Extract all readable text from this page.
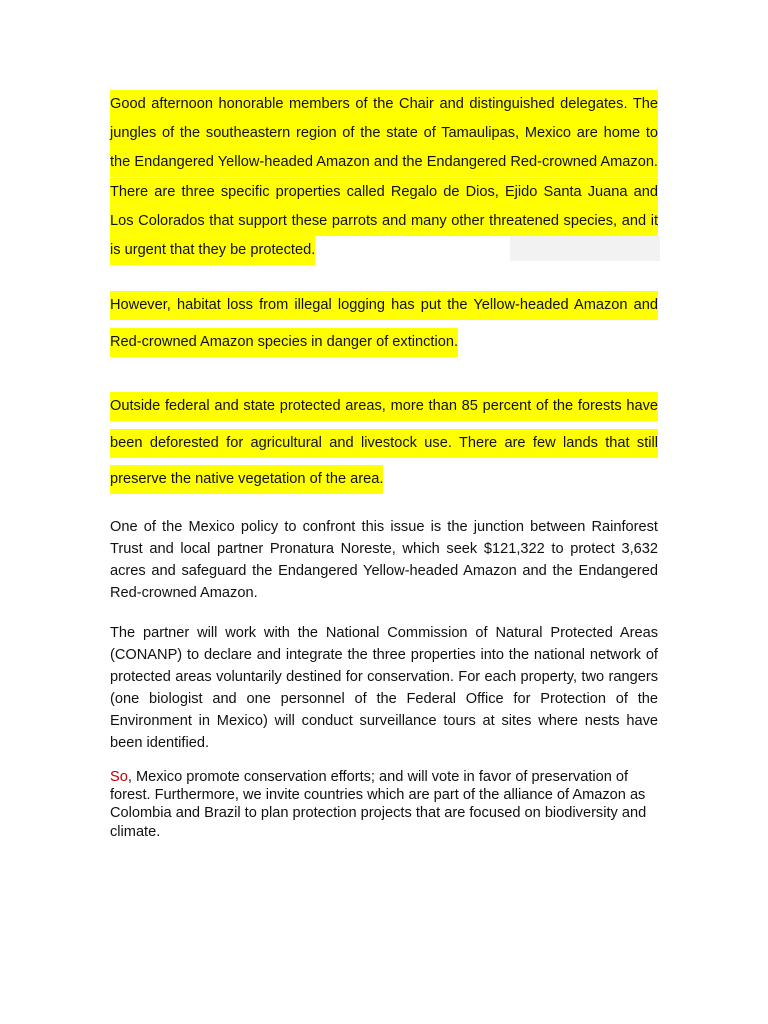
Good afternoon honorable members of the Chair and distinguished delegates. The jungles of the southeastern region of the state of Tamaulipas, Mexico are home to the Endangered Yellow-headed Amazon and the Endangered Red-crowned Amazon. There are three specific properties called Regalo de Dios, Ejido Santa Juana and Los Colorados that support these parrots and many other threatened species, and it is urgent that they be protected.

However, habitat loss from illegal logging has put the Yellow-headed Amazon and Red-crowned Amazon species in danger of extinction.

Outside federal and state protected areas, more than 85 percent of the forests have been deforested for agricultural and livestock use. There are few lands that still preserve the native vegetation of the area.

One of the Mexico policy to confront this issue is the junction between Rainforest Trust and local partner Pronatura Noreste, which seek $121,322 to protect 3,632 acres and safeguard the Endangered Yellow-headed Amazon and the Endangered Red-crowned Amazon.

The partner will work with the National Commission of Natural Protected Areas (CONANP) to declare and integrate the three properties into the national network of protected areas voluntarily destined for conservation. For each property, two rangers (one biologist and one personnel of the Federal Office for Protection of the Environment in Mexico) will conduct surveillance tours at sites where nests have been identified.

So, Mexico promote conservation efforts; and will vote in favor of preservation of forest. Furthermore, we invite countries which are part of the alliance of Amazon as Colombia and Brazil to plan protection projects that are focused on biodiversity and climate.
